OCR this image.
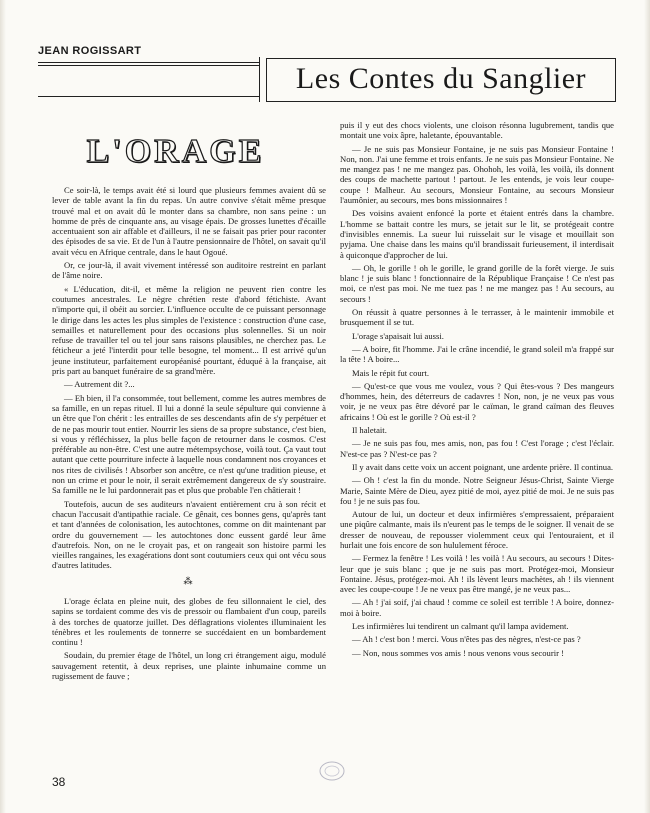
JEAN ROGISSART
Les Contes du Sanglier
L'ORAGE

Ce soir-là, le temps avait été si lourd que plusieurs femmes avaient dû se lever de table avant la fin du repas. Un autre convive s'était même presque trouvé mal et on avait dû le monter dans sa chambre, non sans peine : un homme de près de cinquante ans, au visage épais. De grosses lunettes d'écaille accentuaient son air affable et d'ailleurs, il ne se faisait pas prier pour raconter des épisodes de sa vie. Et de l'un à l'autre pensionnaire de l'hôtel, on savait qu'il avait vécu en Afrique centrale, dans le haut Ogoué.

Or, ce jour-là, il avait vivement intéressé son auditoire restreint en parlant de l'âme noire.

« L'éducation, dit-il, et même la religion ne peuvent rien contre les coutumes ancestrales. Le nègre chrétien reste d'abord fétichiste. Avant n'importe qui, il obéit au sorcier. L'influence occulte de ce puissant personnage le dirige dans les actes les plus simples de l'existence : construction d'une case, semailles et naturellement pour des occasions plus solennelles. Si un noir refuse de travailler tel ou tel jour sans raisons plausibles, ne cherchez pas. Le féticheur a jeté l'interdit pour telle besogne, tel moment... Il est arrivé qu'un jeune instituteur, parfaitement européanisé pourtant, éduqué à la française, ait pris part au banquet funéraire de sa grand'mère.

— Autrement dit ?...

— Eh bien, il l'a consommée, tout bellement, comme les autres membres de sa famille, en un repas rituel. Il lui a donné la seule sépulture qui convienne à un être que l'on chérit : les entrailles de ses descendants afin de s'y perpétuer et de ne pas mourir tout entier. Nourrir les siens de sa propre substance, c'est bien, si vous y réfléchissez, la plus belle façon de retourner dans le cosmos. C'est préférable au non-être. C'est une autre métempsychose, voilà tout. Ça vaut tout autant que cette pourriture infecte à laquelle nous condamnent nos croyances et nos rites de civilisés ! Absorber son ancêtre, ce n'est qu'une tradition pieuse, et non un crime et pour le noir, il serait extrêmement dangereux de s'y soustraire. Sa famille ne le lui pardonnerait pas et plus que probable l'en châtierait !

Toutefois, aucun de ses auditeurs n'avaient entièrement cru à son récit et chacun l'accusait d'antipathie raciale. Ce gênait, ces bonnes gens, qu'après tant et tant d'années de colonisation, les autochtones, comme on dit maintenant par ordre du gouvernement — les autochtones donc eussent gardé leur âme d'autrefois. Non, on ne le croyait pas, et on rangeait son histoire parmi les vieilles rangaines, les exagérations dont sont coutumiers ceux qui ont vécu sous d'autres latitudes.

⁂

L'orage éclata en pleine nuit, des globes de feu sillonnaient le ciel, des sapins se tordaient comme des vis de pressoir ou flambaient d'un coup, pareils à des torches de quatorze juillet. Des déflagrations violentes illuminaient les ténèbres et les roulements de tonnerre se succédaient en un bombardement continu !

Soudain, du premier étage de l'hôtel, un long cri étrangement aigu, modulé sauvagement retentit, à deux reprises, une plainte inhumaine comme un rugissement de fauve ;

puis il y eut des chocs violents, une cloison résonna lugubrement, tandis que montait une voix âpre, haletante, épouvantable.

— Je ne suis pas Monsieur Fontaine, je ne suis pas Monsieur Fontaine ! Non, non. J'ai une femme et trois enfants. Je ne suis pas Monsieur Fontaine. Ne me mangez pas ! ne me mangez pas. Ohohoh, les voilà, les voilà, ils donnent des coups de machette partout ! partout. Je les entends, je vois leur coupe-coupe ! Malheur. Au secours, Monsieur Fontaine, au secours Monsieur l'aumônier, au secours, mes bons missionnaires !

Des voisins avaient enfoncé la porte et étaient entrés dans la chambre. L'homme se battait contre les murs, se jetait sur le lit, se protégeait contre d'invisibles ennemis. La sueur lui ruisselait sur le visage et mouillait son pyjama. Une chaise dans les mains qu'il brandissait furieusement, il interdisait à quiconque d'approcher de lui.

— Oh, le gorille ! oh le gorille, le grand gorille de la forêt vierge. Je suis blanc ! je suis blanc ! fonctionnaire de la République Française ! Ce n'est pas moi, ce n'est pas moi. Ne me tuez pas ! ne me mangez pas ! Au secours, au secours !

On réussit à quatre personnes à le terrasser, à le maintenir immobile et brusquement il se tut.

L'orage s'apaisait lui aussi.

— A boire, fit l'homme. J'ai le crâne incendié, le grand soleil m'a frappé sur la tête ! A boire...

Mais le répit fut court.

— Qu'est-ce que vous me voulez, vous ? Qui êtes-vous ? Des mangeurs d'hommes, hein, des déterreurs de cadavres ! Non, non, je ne veux pas vous voir, je ne veux pas être dévoré par le caïman, le grand caïman des fleuves africains ! Où est le gorille ? Où est-il ?

Il haletait.

— Je ne suis pas fou, mes amis, non, pas fou ! C'est l'orage ; c'est l'éclair. N'est-ce pas ? N'est-ce pas ?

Il y avait dans cette voix un accent poignant, une ardente prière. Il continua.

— Oh ! c'est la fin du monde. Notre Seigneur Jésus-Christ, Sainte Vierge Marie, Sainte Mère de Dieu, ayez pitié de moi, ayez pitié de moi. Je ne suis pas fou ! je ne suis pas fou.

Autour de lui, un docteur et deux infirmières s'empressaient, préparaient une piqûre calmante, mais ils n'eurent pas le temps de le soigner. Il venait de se dresser de nouveau, de repousser violemment ceux qui l'entouraient, et il hurlait une fois encore de son hululement féroce.

— Fermez la fenêtre ! Les voilà ! les voilà ! Au secours, au secours ! Dites-leur que je suis blanc ; que je ne suis pas mort. Protégez-moi, Monsieur Fontaine. Jésus, protégez-moi. Ah ! ils lèvent leurs machètes, ah ! ils viennent avec les coupe-coupe ! Je ne veux pas être mangé, je ne veux pas...

— Ah ! j'ai soif, j'ai chaud ! comme ce soleil est terrible ! A boire, donnez-moi à boire.

Les infirmières lui tendirent un calmant qu'il lampa avidement.

— Ah ! c'est bon ! merci. Vous n'êtes pas des nègres, n'est-ce pas ?

— Non, nous sommes vos amis ! nous venons vous secourir !

38
